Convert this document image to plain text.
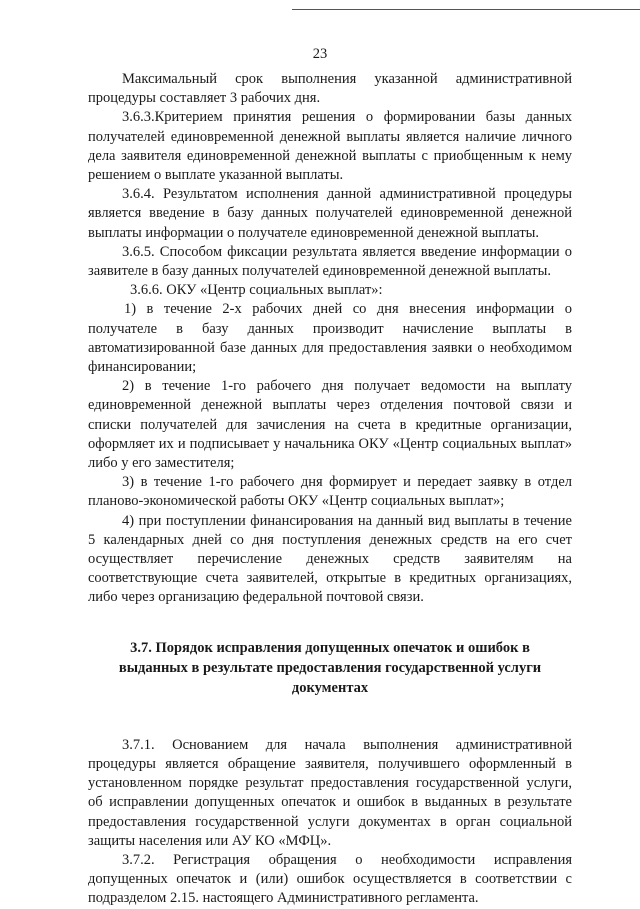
23

Максимальный срок выполнения указанной административной процедуры составляет 3 рабочих дня.

3.6.3.Критерием принятия решения о формировании базы данных получателей единовременной денежной выплаты является наличие личного дела заявителя единовременной денежной выплаты с приобщенным к нему решением о выплате указанной выплаты.

3.6.4. Результатом исполнения данной административной процедуры является введение в базу данных получателей единовременной денежной выплаты информации о получателе единовременной денежной выплаты.

3.6.5. Способом фиксации результата является введение информации о заявителе в базу данных получателей единовременной денежной выплаты.

3.6.6. ОКУ «Центр социальных выплат»:

1) в течение 2-х рабочих дней со дня внесения информации о получателе в базу данных производит начисление выплаты в автоматизированной базе данных для предоставления заявки о необходимом финансировании;

2) в течение 1-го рабочего дня получает ведомости на выплату единовременной денежной выплаты через отделения почтовой связи и списки получателей для зачисления на счета в кредитные организации, оформляет их и подписывает у начальника ОКУ «Центр социальных выплат» либо у его заместителя;

3) в течение 1-го рабочего дня формирует и передает заявку в отдел планово-экономической работы ОКУ «Центр социальных выплат»;

4) при поступлении финансирования на данный вид выплаты в течение 5 календарных дней со дня поступления денежных средств на его счет осуществляет перечисление денежных средств заявителям на соответствующие счета заявителей, открытые в кредитных организациях, либо через организацию федеральной почтовой связи.

3.7. Порядок исправления допущенных опечаток и ошибок в
выданных в результате предоставления государственной услуги
документах

3.7.1. Основанием для начала выполнения административной процедуры является обращение заявителя, получившего оформленный в установленном порядке результат предоставления государственной услуги, об исправлении допущенных опечаток и ошибок в выданных в результате предоставления государственной услуги документах в орган социальной защиты населения или АУ КО «МФЦ».

3.7.2. Регистрация обращения о необходимости исправления допущенных опечаток и (или) ошибок осуществляется в соответствии с подразделом 2.15. настоящего Административного регламента.
